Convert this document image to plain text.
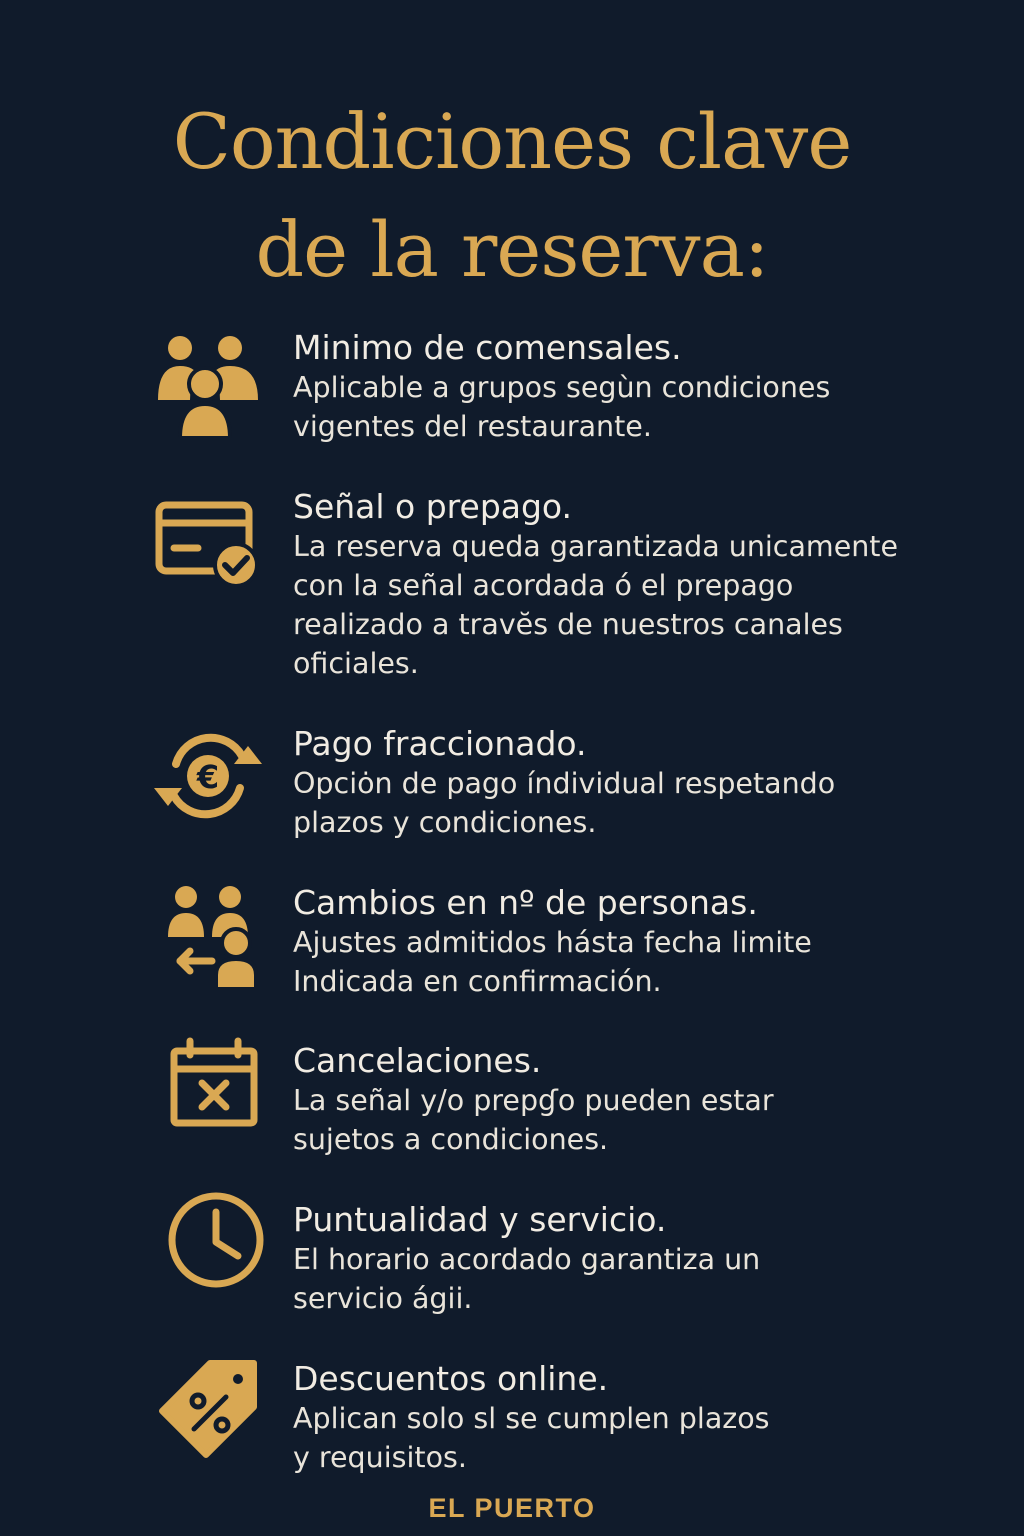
Condiciones clave
de la reserva:
Minimo de comensales.
Aplicable a grupos segùn condiciones
vigentes del restaurante.
Señal o prepago.
La reserva queda garantizada unicamente
con la señal acordada ó el prepago
realizado a travĕs de nuestros canales
oficiales.
€
Pago fraccionado.
Opciȯn de pago índividual respetando
plazos y condiciones.
Cambios en nº de personas.
Ajustes admitidos hásta fecha limite
Indicada en confirmación.
Cancelaciones.
La señal y/o prepɠo pueden estar
sujetos a condiciones.
Puntualidad y servicio.
El horario acordado garantiza un
servicio ágii.
Descuentos online.
Aplican solo sl se cumplen plazos
y requisitos.
EL PUERTO
